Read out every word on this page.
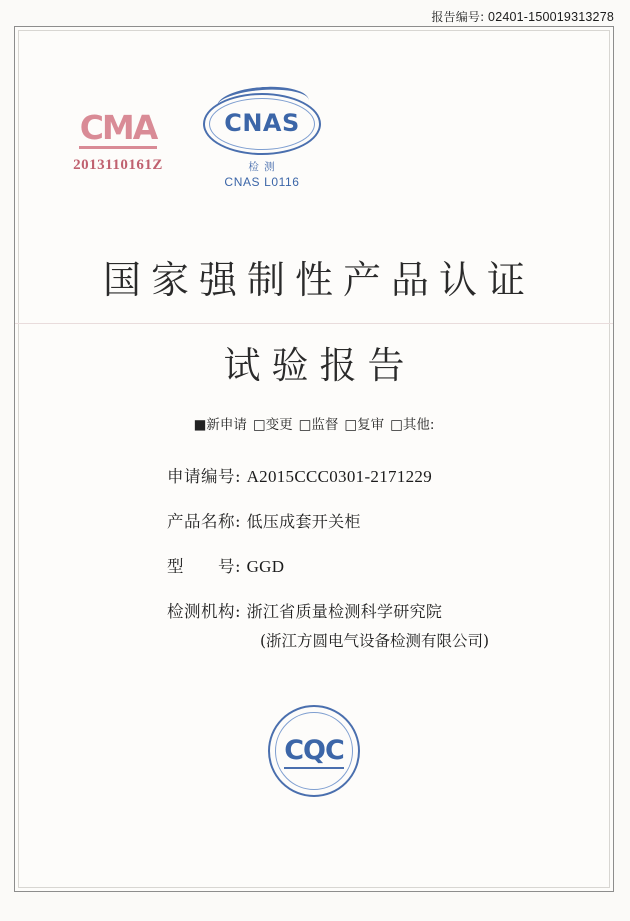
报告编号: 02401-150019313278
CMA
2013110161Z
CNAS
检 测
CNAS L0116
国家强制性产品认证
试验报告
■新申请 □变更 □监督 □复审 □其他:
申请编号 : A2015CCC0301-2171229
产品名称 : 低压成套开关柜
型　　号 : GGD
检测机构 : 浙江省质量检测科学研究院
(浙江方圆电气设备检测有限公司)
CQC
